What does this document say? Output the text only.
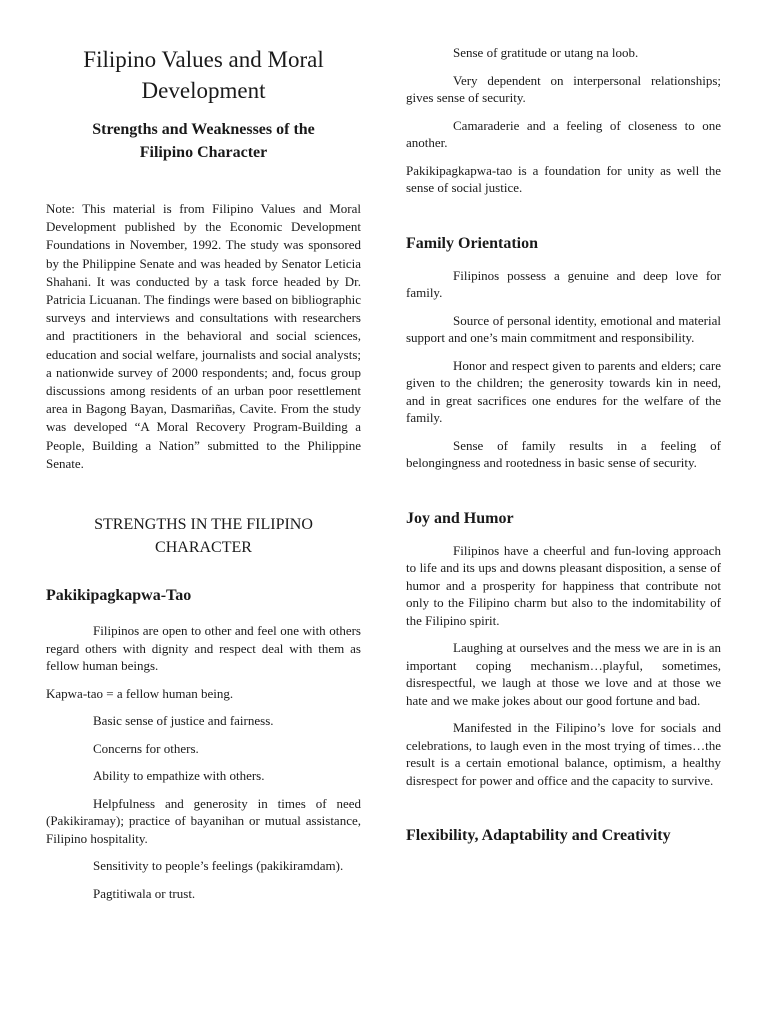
Filipino Values and Moral
Development
Strengths and Weaknesses of the
Filipino Character

Note: This material is from Filipino Values and Moral Development published by the Economic Development Foundations in November, 1992. The study was sponsored by the Philippine Senate and was headed by Senator Leticia Shahani. It was conducted by a task force headed by Dr. Patricia Licuanan. The findings were based on bibliographic surveys and interviews and consultations with researchers and practitioners in the behavioral and social sciences, education and social welfare, journalists and social analysts; a nationwide survey of 2000 respondents; and, focus group discussions among residents of an urban poor resettlement area in Bagong Bayan, Dasmariñas, Cavite. From the study was developed “A Moral Recovery Program-Building a People, Building a Nation” submitted to the Philippine Senate.

STRENGTHS IN THE FILIPINO
CHARACTER
Pakikipagkapwa-Tao

Filipinos are open to other and feel one with others regard others with dignity and respect deal with them as fellow human beings.

Kapwa-tao = a fellow human being.

Basic sense of justice and fairness.

Concerns for others.

Ability to empathize with others.

Helpfulness and generosity in times of need (Pakikiramay); practice of bayanihan or mutual assistance, Filipino hospitality.

Sensitivity to people’s feelings (pakikiramdam).

Pagtitiwala or trust.

Sense of gratitude or utang na loob.

Very dependent on interpersonal relationships; gives sense of security.

Camaraderie and a feeling of closeness to one another.

Pakikipagkapwa-tao is a foundation for unity as well the sense of social justice.

Family Orientation

Filipinos possess a genuine and deep love for family.

Source of personal identity, emotional and material support and one’s main commitment and responsibility.

Honor and respect given to parents and elders; care given to the children; the generosity towards kin in need, and in great sacrifices one endures for the welfare of the family.

Sense of family results in a feeling of belongingness and rootedness in basic sense of security.

Joy and Humor

Filipinos have a cheerful and fun-loving approach to life and its ups and downs pleasant disposition, a sense of humor and a prosperity for happiness that contribute not only to the Filipino charm but also to the indomitability of the Filipino spirit.

Laughing at ourselves and the mess we are in is an important coping mechanism…playful, sometimes, disrespectful, we laugh at those we love and at those we hate and we make jokes about our good fortune and bad.

Manifested in the Filipino’s love for socials and celebrations, to laugh even in the most trying of times…the result is a certain emotional balance, optimism, a healthy disrespect for power and office and the capacity to survive.

Flexibility, Adaptability and Creativity
